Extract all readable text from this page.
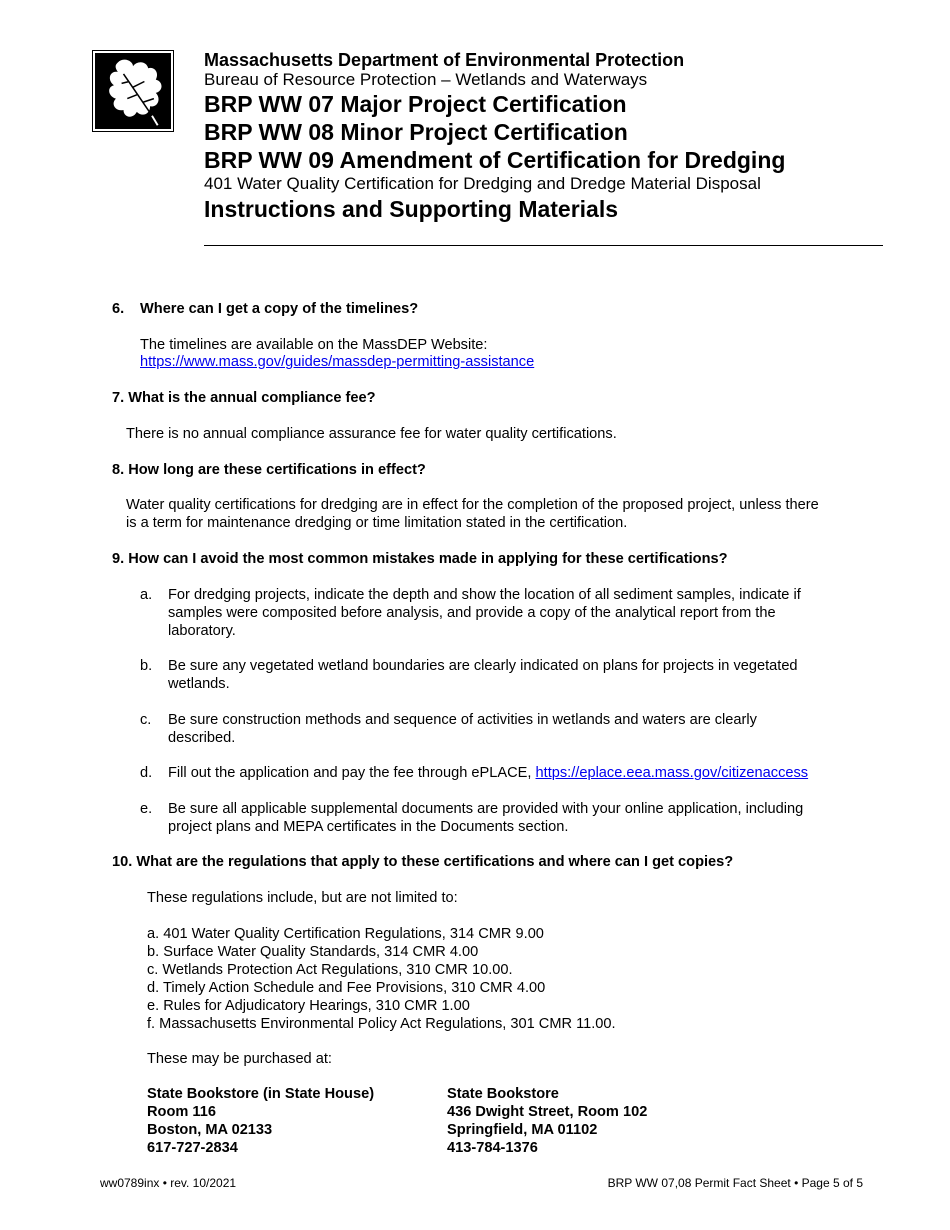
Massachusetts Department of Environmental Protection
Bureau of Resource Protection – Wetlands and Waterways
BRP WW 07 Major Project Certification
BRP WW 08 Minor Project Certification
BRP WW 09 Amendment of Certification for Dredging
401 Water Quality Certification for Dredging and Dredge Material Disposal
Instructions and Supporting Materials
6. Where can I get a copy of the timelines?
The timelines are available on the MassDEP Website:
https://www.mass.gov/guides/massdep-permitting-assistance
7. What is the annual compliance fee?
There is no annual compliance assurance fee for water quality certifications.
8. How long are these certifications in effect?
Water quality certifications for dredging are in effect for the completion of the proposed project, unless there
is a term for maintenance dredging or time limitation stated in the certification.
9. How can I avoid the most common mistakes made in applying for these certifications?
a. For dredging projects, indicate the depth and show the location of all sediment samples, indicate if
samples were composited before analysis, and provide a copy of the analytical report from the
laboratory.
b. Be sure any vegetated wetland boundaries are clearly indicated on plans for projects in vegetated
wetlands.
c. Be sure construction methods and sequence of activities in wetlands and waters are clearly
described.
d. Fill out the application and pay the fee through ePLACE, https://eplace.eea.mass.gov/citizenaccess
e. Be sure all applicable supplemental documents are provided with your online application, including
project plans and MEPA certificates in the Documents section.
10. What are the regulations that apply to these certifications and where can I get copies?
These regulations include, but are not limited to:
a. 401 Water Quality Certification Regulations, 314 CMR 9.00
b. Surface Water Quality Standards, 314 CMR 4.00
c. Wetlands Protection Act Regulations, 310 CMR 10.00.
d. Timely Action Schedule and Fee Provisions, 310 CMR 4.00
e. Rules for Adjudicatory Hearings, 310 CMR 1.00
f. Massachusetts Environmental Policy Act Regulations, 301 CMR 11.00.
These may be purchased at:
State Bookstore (in State House)
Room 116
Boston, MA 02133
617-727-2834
State Bookstore
436 Dwight Street, Room 102
Springfield, MA 01102
413-784-1376
ww0789inx • rev. 10/2021	BRP WW 07,08 Permit Fact Sheet • Page 5 of 5
